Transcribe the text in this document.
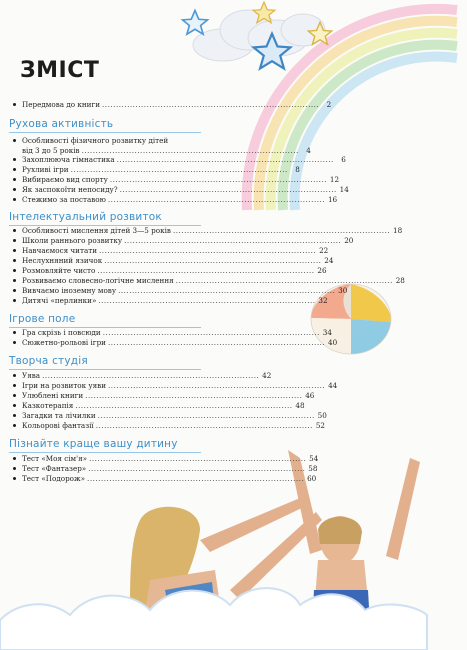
ЗМІСТ
Передмова до книги ..............................................................................	2
Рухова активність
Особливості фізичного розвитку дітей
від 3 до 5 років ..............................................................................	4
Захоплююча гімнастика ..............................................................................	6
Рухливі ігри ..............................................................................	8
Вибираємо вид спорту .............................................................................. 12
Як заспокоїти непосиду? .............................................................................. 14
Стежимо за поставою .............................................................................. 16
Інтелектуальний розвиток
Особливості мислення дітей 3—5 років .............................................................................. 18
Школи раннього розвитку .............................................................................. 20
Навчаємося читати .............................................................................. 22
Неслухняний язичок .............................................................................. 24
Розмовляйте чисто .............................................................................. 26
Розвиваємо словесно-логічне мислення .............................................................................. 28
Вивчаємо іноземну мову .............................................................................. 30
Дитячі «перлинки» .............................................................................. 32
Ігрове поле
Гра скрізь і повсюди .............................................................................. 34
Сюжетно-рольові ігри .............................................................................. 40
Творча студія
Уява .............................................................................. 42
Ігри на розвиток уяви .............................................................................. 44
Улюблені книги .............................................................................. 46
Казкотерапія .............................................................................. 48
Загадки та лічилки .............................................................................. 50
Кольорові фантазії .............................................................................. 52
Пізнайте краще вашу дитину
Тест «Моя сім'я» .............................................................................. 54
Тест «Фантазер» .............................................................................. 58
Тест «Подорож» .............................................................................. 60
